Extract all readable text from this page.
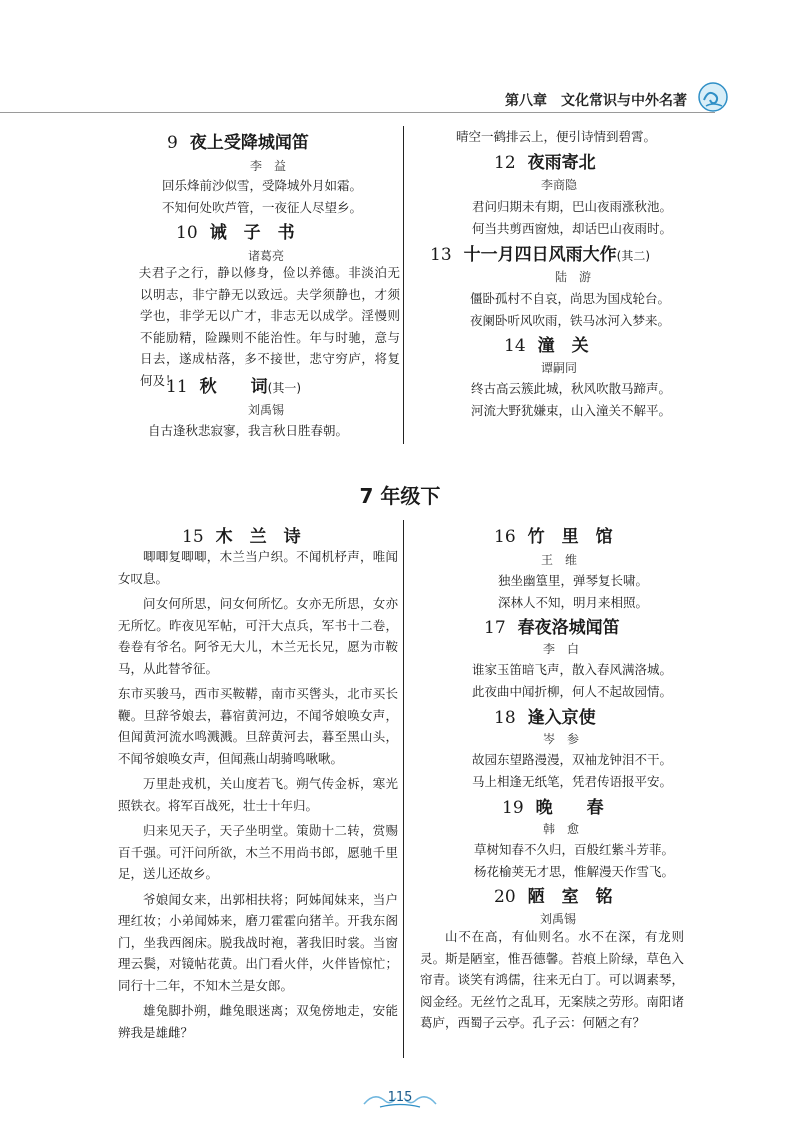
第八章　文化常识与中外名著
9 夜上受降城闻笛
李　益
回乐烽前沙似雪，受降城外月如霜。
不知何处吹芦管，一夜征人尽望乡。
10 诫　子　书
诸葛亮
夫君子之行，静以修身，俭以养德。非淡泊无以明志，非宁静无以致远。夫学须静也，才须学也，非学无以广才，非志无以成学。淫慢则不能励精，险躁则不能治性。年与时驰，意与日去，遂成枯落，多不接世，悲守穷庐，将复何及！
11 秋　　词(其一)
刘禹锡
自古逢秋悲寂寥，我言秋日胜春朝。
晴空一鹤排云上，便引诗情到碧霄。
12 夜雨寄北
李商隐
君问归期未有期，巴山夜雨涨秋池。
何当共剪西窗烛，却话巴山夜雨时。
13 十一月四日风雨大作(其二)
陆　游
僵卧孤村不自哀，尚思为国戍轮台。
夜阑卧听风吹雨，铁马冰河入梦来。
14 潼　关
谭嗣同
终古高云簇此城，秋风吹散马蹄声。
河流大野犹嫌束，山入潼关不解平。
7 年级下
15 木　兰　诗
唧唧复唧唧，木兰当户织。不闻机杼声，唯闻女叹息。
问女何所思，问女何所忆。女亦无所思，女亦无所忆。昨夜见军帖，可汗大点兵，军书十二卷，卷卷有爷名。阿爷无大儿，木兰无长兄，愿为市鞍马，从此替爷征。
东市买骏马，西市买鞍鞯，南市买辔头，北市买长鞭。旦辞爷娘去，暮宿黄河边，不闻爷娘唤女声，但闻黄河流水鸣溅溅。旦辞黄河去，暮至黑山头，不闻爷娘唤女声，但闻燕山胡骑鸣啾啾。
万里赴戎机，关山度若飞。朔气传金柝，寒光照铁衣。将军百战死，壮士十年归。
归来见天子，天子坐明堂。策勋十二转，赏赐百千强。可汗问所欲，木兰不用尚书郎，愿驰千里足，送儿还故乡。
爷娘闻女来，出郭相扶将；阿姊闻妹来，当户理红妆；小弟闻姊来，磨刀霍霍向猪羊。开我东阁门，坐我西阁床。脱我战时袍，著我旧时裳。当窗理云鬓，对镜帖花黄。出门看火伴，火伴皆惊忙；同行十二年，不知木兰是女郎。
雄兔脚扑朔，雌兔眼迷离；双兔傍地走，安能辨我是雄雌？
16 竹　里　馆
王　维
独坐幽篁里，弹琴复长啸。
深林人不知，明月来相照。
17 春夜洛城闻笛
李　白
谁家玉笛暗飞声，散入春风满洛城。
此夜曲中闻折柳，何人不起故园情。
18 逢入京使
岑　参
故园东望路漫漫，双袖龙钟泪不干。
马上相逢无纸笔，凭君传语报平安。
19 晚　　春
韩　愈
草树知春不久归，百般红紫斗芳菲。
杨花榆荚无才思，惟解漫天作雪飞。
20 陋　室　铭
刘禹锡
山不在高，有仙则名。水不在深，有龙则灵。斯是陋室，惟吾德馨。苔痕上阶绿，草色入帘青。谈笑有鸿儒，往来无白丁。可以调素琴，阅金经。无丝竹之乱耳，无案牍之劳形。南阳诸葛庐，西蜀子云亭。孔子云：何陋之有？
115
